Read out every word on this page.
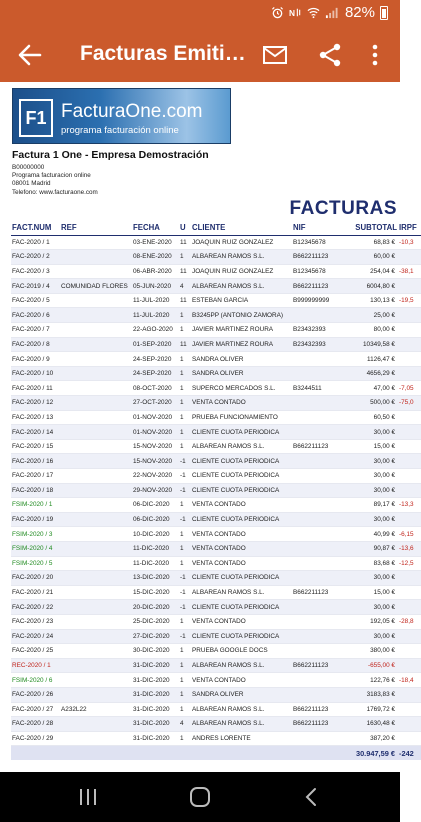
N	82%
Facturas Emiti…
F1 FacturaOne.com
programa facturación online
Factura 1 One - Empresa Demostración
B00000000
Programa facturacion online
08001 Madrid
Telefono: www.facturaone.com
FACTURAS
FACT.NUM	REF	FECHA	U	CLIENTE	NIF	SUBTOTAL	IRPF
FAC-2020 / 1		03-ENE-2020	11	JOAQUIN RUIZ GONZALEZ	B12345678	68,83 €	-10,3
FAC-2020 / 2		08-ENE-2020	1	ALBAREAN RAMOS S.L.	B662211123	60,00 €	
FAC-2020 / 3		06-ABR-2020	11	JOAQUIN RUIZ GONZALEZ	B12345678	254,04 €	-38,1
FAC-2019 / 4	COMUNIDAD FLORES	05-JUN-2020	4	ALBAREAN RAMOS S.L.	B662211123	6004,80 €	
FAC-2020 / 5		11-JUL-2020	11	ESTEBAN GARCIA	B999999999	130,13 €	-19,5
FAC-2020 / 6		11-JUL-2020	1	B3245PP (ANTONIO ZAMORA)		25,00 €	
FAC-2020 / 7		22-AGO-2020	1	JAVIER MARTINEZ ROURA	B23432393	80,00 €	
FAC-2020 / 8		01-SEP-2020	11	JAVIER MARTINEZ ROURA	B23432393	10349,58 €	
FAC-2020 / 9		24-SEP-2020	1	SANDRA OLIVER		1126,47 €	
FAC-2020 / 10		24-SEP-2020	1	SANDRA OLIVER		4656,29 €	
FAC-2020 / 11		08-OCT-2020	1	SUPERCO MERCADOS S.L.	B3244511	47,00 €	-7,05
FAC-2020 / 12		27-OCT-2020	1	VENTA CONTADO		500,00 €	-75,0
FAC-2020 / 13		01-NOV-2020	1	PRUEBA FUNCIONAMIENTO		60,50 €	
FAC-2020 / 14		01-NOV-2020	1	CLIENTE CUOTA PERIODICA		30,00 €	
FAC-2020 / 15		15-NOV-2020	1	ALBAREAN RAMOS S.L.	B662211123	15,00 €	
FAC-2020 / 16		15-NOV-2020	-1	CLIENTE CUOTA PERIODICA		30,00 €	
FAC-2020 / 17		22-NOV-2020	-1	CLIENTE CUOTA PERIODICA		30,00 €	
FAC-2020 / 18		29-NOV-2020	-1	CLIENTE CUOTA PERIODICA		30,00 €	
FSIM-2020 / 1		06-DIC-2020	1	VENTA CONTADO		89,17 €	-13,3
FAC-2020 / 19		06-DIC-2020	-1	CLIENTE CUOTA PERIODICA		30,00 €	
FSIM-2020 / 3		10-DIC-2020	1	VENTA CONTADO		40,99 €	-6,15
FSIM-2020 / 4		11-DIC-2020	1	VENTA CONTADO		90,87 €	-13,6
FSIM-2020 / 5		11-DIC-2020	1	VENTA CONTADO		83,68 €	-12,5
FAC-2020 / 20		13-DIC-2020	-1	CLIENTE CUOTA PERIODICA		30,00 €	
FAC-2020 / 21		15-DIC-2020	-1	ALBAREAN RAMOS S.L.	B662211123	15,00 €	
FAC-2020 / 22		20-DIC-2020	-1	CLIENTE CUOTA PERIODICA		30,00 €	
FAC-2020 / 23		25-DIC-2020	1	VENTA CONTADO		192,05 €	-28,8
FAC-2020 / 24		27-DIC-2020	-1	CLIENTE CUOTA PERIODICA		30,00 €	
FAC-2020 / 25		30-DIC-2020	1	PRUEBA GOOGLE DOCS		380,00 €	
REC-2020 / 1		31-DIC-2020	1	ALBAREAN RAMOS S.L.	B662211123	-655,00 €	
FSIM-2020 / 6		31-DIC-2020	1	VENTA CONTADO		122,76 €	-18,4
FAC-2020 / 26		31-DIC-2020	1	SANDRA OLIVER		3183,83 €	
FAC-2020 / 27	A232L22	31-DIC-2020	1	ALBAREAN RAMOS S.L.	B662211123	1769,72 €	
FAC-2020 / 28		31-DIC-2020	4	ALBAREAN RAMOS S.L.	B662211123	1630,48 €	
FAC-2020 / 29		31-DIC-2020	1	ANDRES LORENTE		387,20 €	
						30.947,59 €	-242
